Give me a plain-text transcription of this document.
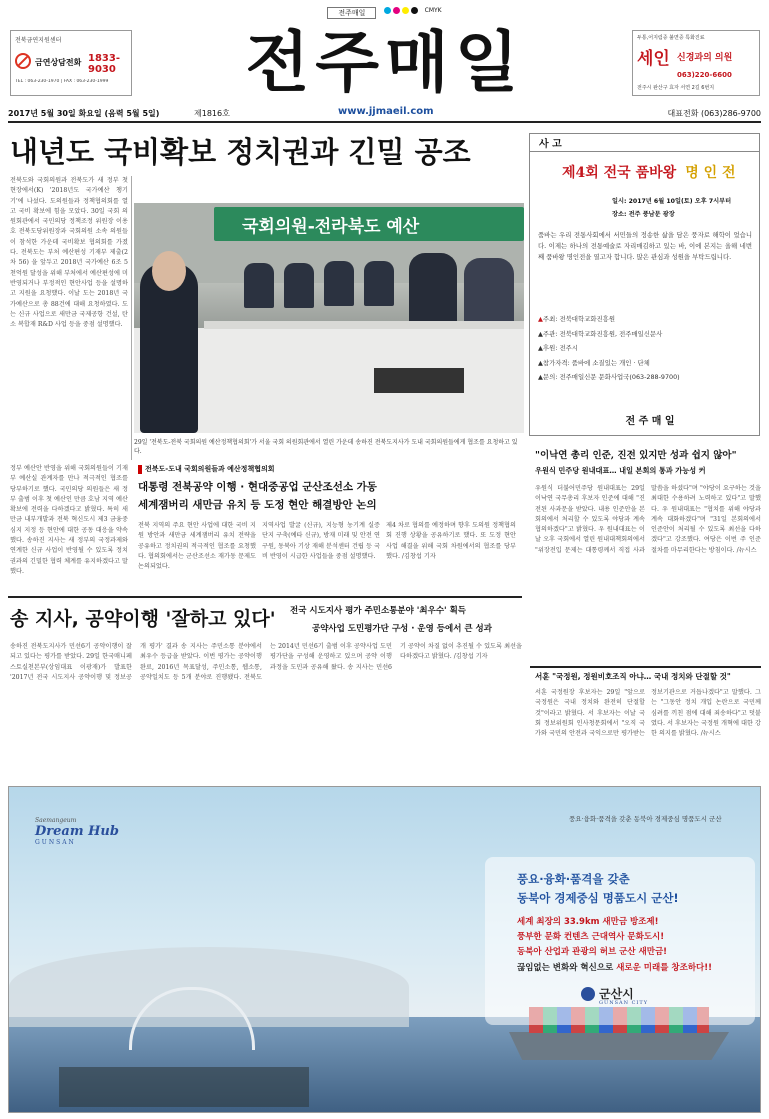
전주매일	CMYK
전북금연지원센터
금연상담전화 1833-9030
TEL : 063-230-1970 | FAX : 063-230-1999	전주매일	두통,어지럼증 불면증 특화진료
세인 신경과의 의원
063)220-6600
전주시 완산구 효자 서연 2길 6번지
2017년 5월 30일 화요일 (음력 5월 5일)	제1816호	www.jjmaeil.com	대표전화 (063)286-9700
내년도 국비확보 정치권과 긴밀 공조
전북도와 국회의원과 전북도가 새 정부 첫 현장에서(K) '2018년도 국가예산 챙기기'에 나섰다. 도의원들과 정책협의회를 열고 국비 확보에 힘을 모았다. 30일 국회 의원회관에서 국민의당 정책조정 위원장 이용호 전북도당위원장과 국회의원 소속 의원들이 참석한 가운데 국비확보 협의회를 가졌다. 전북도는 부처 예산편성 기재부 제출(2차 56) 을 앞두고 2018년 국가예산 6조 5천억원 달성을 위해 부처에서 예산편성에 미반영되거나 부정적인 현안사업 등을 설명하고 지원을 요청했다. 이날 도는 2018년 국가예산으로 총 88건에 대해 요청하였다. 도는 신규 사업으로 새만금 국제공항 건설, 탄소 복합재 R&D 사업 등을 중점 설명했다.
국회의원-전라북도 예산
29일 '전북도-전북 국회의원 예산정책협의회'가 서울 국회 의원회관에서 열린 가운데 송하진 전북도지사가 도내 국회의원들에게 협조를 요청하고 있다.
전북도-도내 국회의원들과 예산정책협의회
대통령 전북공약 이행 · 현대중공업 군산조선소 가동
세계잼버리 새만금 유치 등 도정 현안 해결방안 논의
정부 예산안 반영을 위해 국회의원들이 기재부 예산실 관계자를 만나 적극적인 협조를 당부하기로 했다. 국민의당 의원들은 새 정부 출범 이후 첫 예산인 만큼 호남 지역 예산 확보에 전력을 다하겠다고 밝혔다. 특히 새만금 내부개발과 전북 혁신도시 제3 금융중심지 지정 등 현안에 대한 공동 대응을 약속했다. 송하진 지사는 새 정부의 국정과제와 연계한 신규 사업이 반영될 수 있도록 정치권과의 긴밀한 협력 체계를 유지하겠다고 말했다.
전북 지역의 주요 현안 사업에 대한 국비 지원 방안과 새만금 세계잼버리 유치 전략을 공유하고 정치권의 적극적인 협조를 요청했다. 협의회에서는 군산조선소 재가동 문제도 논의되었다.
지역사업 발굴 (신규), 지능형 농기계 실증단지 구축(예타 신규), 방재 미래 및 안전 연구원, 동북아 기상 재해 분석센터 건립 등 국비 반영이 시급한 사업들을 중점 설명했다.
제4 차로 협의를 예정하며 향후 도의원 정책협의회 진행 상황을 공유하기로 했다. 또 도정 현안 사업 해결을 위해 국회 차원에서의 협조를 당부했다. /김창섭 기자
송 지사, 공약이행 '잘하고 있다'	전국 시도지사 평가 주민소통분야 '최우수' 획득
공약사업 도민평가단 구성 · 운영 등에서 큰 성과
송하진 전북도지사가 민선6기 공약이행이 잘되고 있다는 평가를 받았다. 29일 한국매니페스토실천본부(상임대표 이광재)가 발표한 '2017년 전국 시도지사 공약이행 및 정보공개 평가' 결과 송 지사는 주민소통 분야에서 최우수 등급을 받았다. 이번 평가는 공약이행 완료, 2016년 목표달성, 주민소통, 웹소통, 공약일치도 등 5개 분야로 진행됐다. 전북도는 2014년 민선6기 출범 이후 공약사업 도민평가단을 구성해 운영하고 있으며 공약 이행 과정을 도민과 공유해 왔다. 송 지사는 민선6기 공약이 차질 없이 추진될 수 있도록 최선을 다하겠다고 밝혔다. /김창섭 기자
사 고
제4회 전국 품바왕 명 인 전
일시: 2017년 6월 10일(토) 오후 7시부터
장소: 전주 풍남문 광장
품바는 우리 전통사회에서 서민들의 정송한 삶을 담은 풍자로 해학이 었습니다. 이제는 하나의 전통예술로 자리매김하고 있는 바, 이에 본지는 올해 네번째 품바왕 명인전을 열고자 합니다. 많은 관심과 성원을 부탁드립니다.
▲주최: 전북대학교화진흥원
▲주관: 전북대학교화진흥원, 전주매일신문사
▲후원: 전주시
▲참가자격: 품바에 소질있는 개인 · 단체
▲문의: 전주매일신문 문화사업국(063-288-9700)
전 주 매 일
"이낙연 총리 인준, 진전 있지만 성과 쉽지 않아"
우원식 민주당 원내대표… 내일 본회의 통과 가능성 커
우원식 더불어민주당 원내대표는 29일 이낙연 국무총리 후보자 인준에 대해 "진전된 사과문을 받았다. 내용 인준안을 본회의에서 처리할 수 있도록 야당과 계속 협의하겠다"고 밝혔다. 우 원내대표는 이날 오후 국회에서 열린 원내대책회의에서 "위장전입 문제는 대통령께서 직접 사과 말씀을 하셨다"며 "야당이 요구하는 것을 최대한 수용하려 노력하고 있다"고 말했다. 우 원내대표는 "협치를 위해 야당과 계속 대화하겠다"며 "31일 본회의에서 인준안이 처리될 수 있도록 최선을 다하겠다"고 강조했다. 여당은 이번 주 인준 절차를 마무리한다는 방침이다. /뉴시스
서훈 "국정원, 정원비호조직 아냐… 국내 정치와 단절할 것"
서훈 국정원장 후보자는 29일 "앞으로 국정원은 국내 정치와 완전히 단절할 것"이라고 밝혔다. 서 후보자는 이날 국회 정보위원회 인사청문회에서 "오직 국가와 국민의 안전과 국익으로만 평가받는 정보기관으로 거듭나겠다"고 말했다. 그는 "그동안 정치 개입 논란으로 국민께 심려를 끼친 점에 대해 죄송하다"고 덧붙였다. 서 후보자는 국정원 개혁에 대한 강한 의지를 밝혔다. /뉴시스
Saemangeum
Dream Hub
GUNSAN
풍요·융화·품격을 갖춘 동북아 경제중심 명품도시 군산
풍요·융화·품격을 갖춘
동북아 경제중심 명품도시 군산!
세계 최장의 33.9km 새만금 방조제!
풍부한 문화 컨텐츠 근대역사 문화도시!
동북아 산업과 관광의 허브 군산 새만금!
끊임없는 변화와 혁신으로 새로운 미래를 창조하다!!
군산시
GUNSAN CITY
